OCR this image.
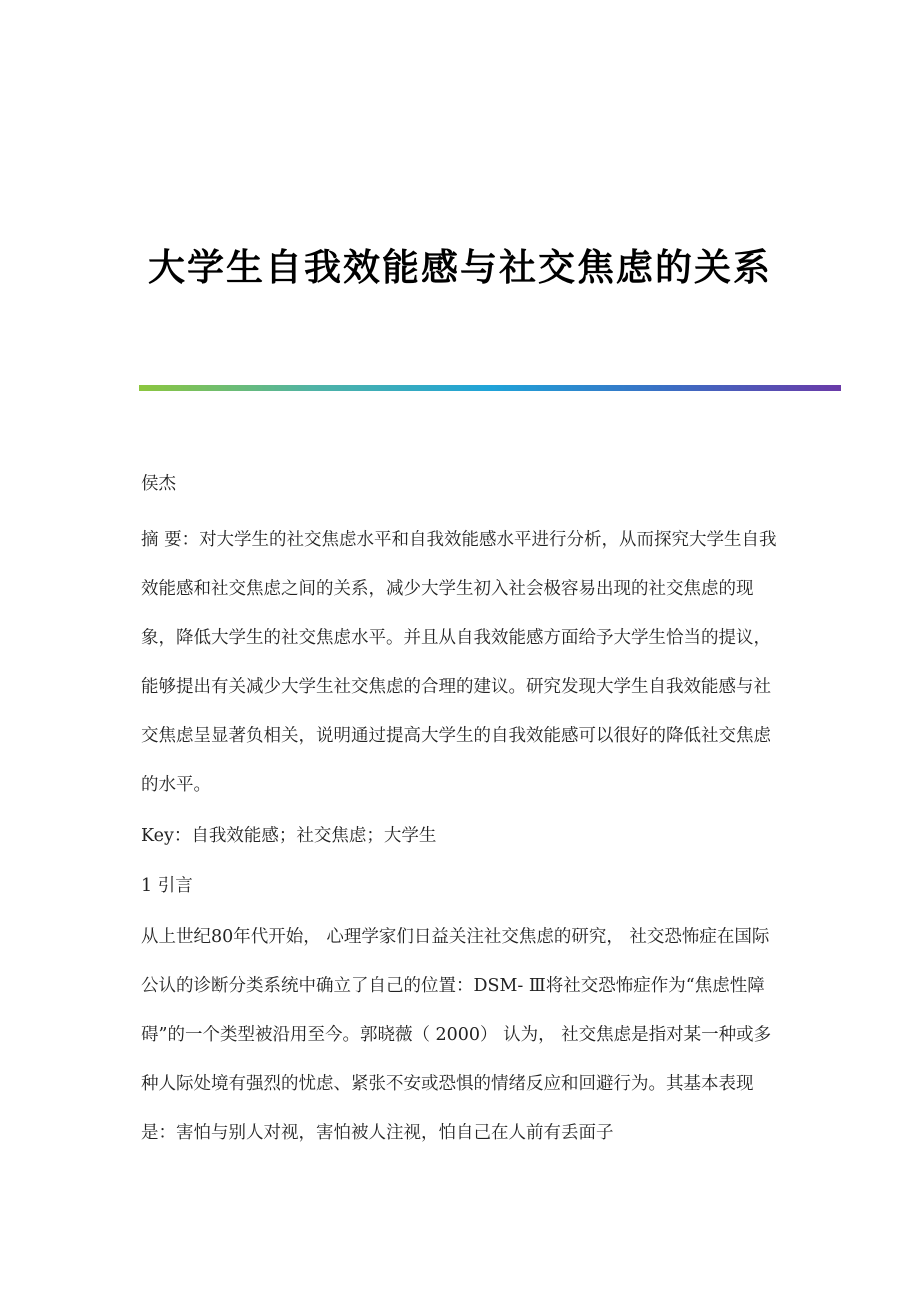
大学生自我效能感与社交焦虑的关系

侯杰

摘 要：对大学生的社交焦虑水平和自我效能感水平进行分析，从而探究大学生自我效能感和社交焦虑之间的关系，减少大学生初入社会极容易出现的社交焦虑的现象，降低大学生的社交焦虑水平。并且从自我效能感方面给予大学生恰当的提议，能够提出有关减少大学生社交焦虑的合理的建议。研究发现大学生自我效能感与社交焦虑呈显著负相关，说明通过提高大学生的自我效能感可以很好的降低社交焦虑的水平。

Key：自我效能感；社交焦虑；大学生

1 引言

从上世纪80年代开始， 心理学家们日益关注社交焦虑的研究， 社交恐怖症在国际公认的诊断分类系统中确立了自己的位置：DSM- Ⅲ将社交恐怖症作为“焦虑性障碍”的一个类型被沿用至今。郭晓薇（ 2000） 认为， 社交焦虑是指对某一种或多种人际处境有强烈的忧虑、紧张不安或恐惧的情绪反应和回避行为。其基本表现是：害怕与别人对视，害怕被人注视，怕自己在人前有丢面子
